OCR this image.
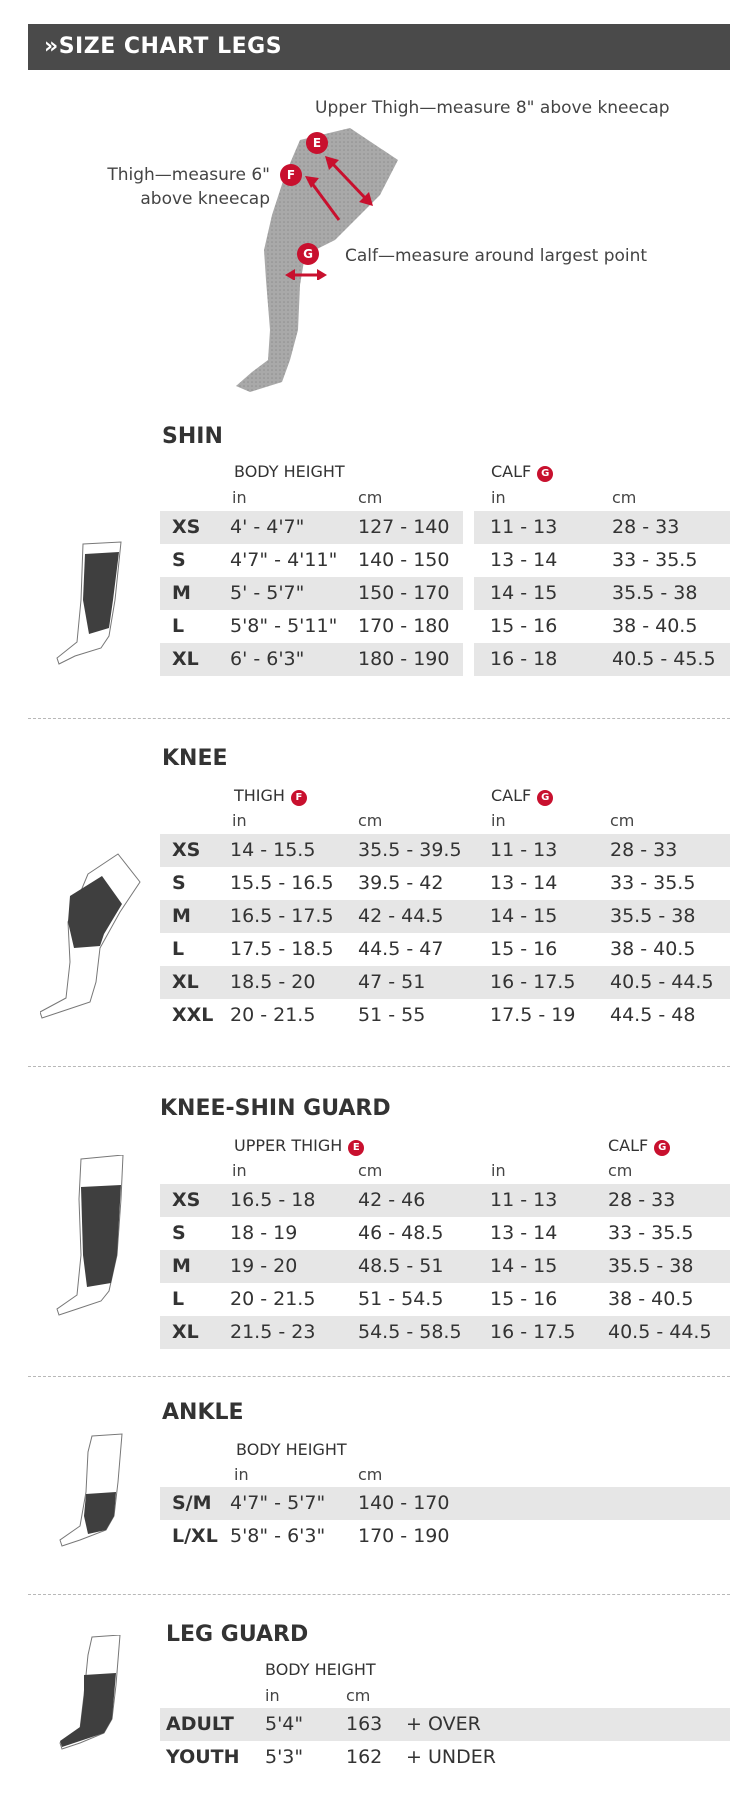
»SIZE CHART LEGS
Upper Thigh—measure 8" above kneecap
Thigh—measure 6"
above kneecap
Calf—measure around largest point
E
F
G
SHIN
BODY HEIGHT	CALF G
in	cm	in	cm
XS 4' - 4'7"	127 - 140 11 - 13	28 - 33
S 4'7" - 4'11" 140 - 150 13 - 14	33 - 35.5
M 5' - 5'7"	150 - 170 14 - 15	35.5 - 38
L 5'8" - 5'11" 170 - 180 15 - 16	38 - 40.5
XL 6' - 6'3"	180 - 190 16 - 18	40.5 - 45.5
KNEE
THIGH F	CALF G
in	cm	in	cm
XS 14 - 15.5 35.5 - 39.5 11 - 13	28 - 33
S 15.5 - 16.5 39.5 - 42 13 - 14	33 - 35.5
M 16.5 - 17.5 42 - 44.5 14 - 15	35.5 - 38
L 17.5 - 18.5 44.5 - 47 15 - 16	38 - 40.5
XL 18.5 - 20 47 - 51	16 - 17.5 40.5 - 44.5
XXL 20 - 21.5 51 - 55	17.5 - 19 44.5 - 48
KNEE-SHIN GUARD
UPPER THIGH E	CALF G
in	cm	in	cm
XS 16.5 - 18 42 - 46	11 - 13	28 - 33
S 18 - 19	46 - 48.5 13 - 14	33 - 35.5
M 19 - 20	48.5 - 51 14 - 15	35.5 - 38
L 20 - 21.5 51 - 54.5 15 - 16	38 - 40.5
XL 21.5 - 23 54.5 - 58.5 16 - 17.5 40.5 - 44.5
ANKLE
BODY HEIGHT
in	cm
S/M 4'7" - 5'7" 140 - 170
L/XL 5'8" - 6'3" 170 - 190
LEG GUARD
BODY HEIGHT
in	cm
ADULT 5'4" 163 + OVER
YOUTH 5'3" 162 + UNDER
